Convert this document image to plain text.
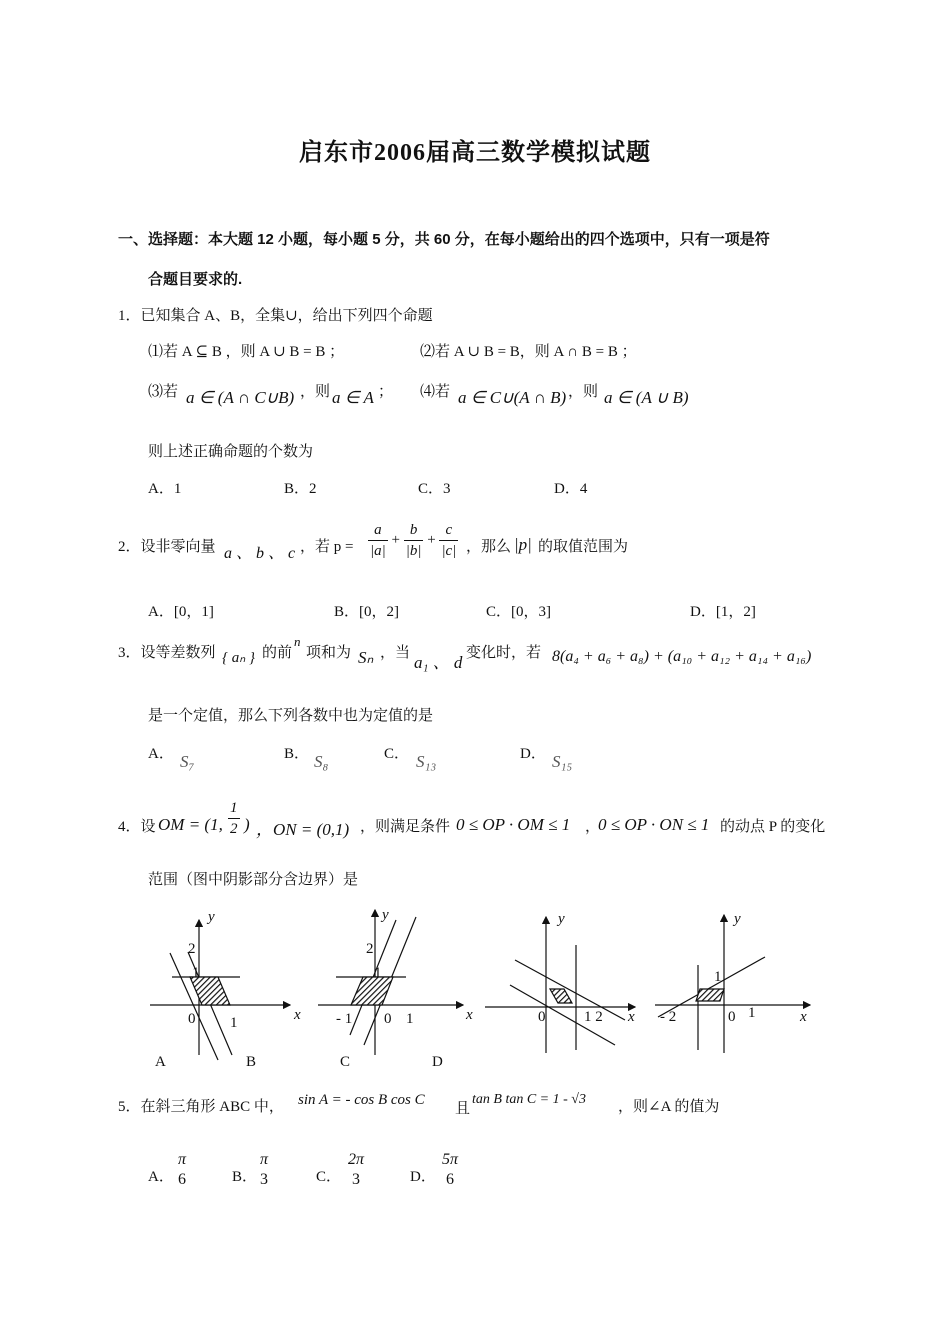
启东市2006届高三数学模拟试题
一、选择题：本大题 12 小题，每小题 5 分，共 60 分，在每小题给出的四个选项中，只有一项是符
合题目要求的.
1．已知集合 A、B，全集∪，给出下列四个命题
⑴若 A ⊆ B ，则 A ∪ B = B ；	⑵若 A ∪ B = B，则 A ∩ B = B ；
⑶若 a ∈ (A ∩ C∪B) ，则 a ∈ A ； ⑷若 a ∈ C∪(A ∩ B) ，则 a ∈ (A ∪ B)
则上述正确命题的个数为
A．1	B．2	C．3	D．4
2．设非零向量 a 、 b 、 c ，若 $p = \frac{a}{|a|} + \frac{b}{|b|} + \frac{c}{|c|}$ ，那么 |p| 的取值范围为
A．[0，1]	B．[0，2]	C．[0，3]	D．[1，2]
3．设等差数列 { aₙ } 的前
n
项和为 Sₙ ，当 a₁ 、 d 变化时，若 8(a₄ + a₆ + a₈) + (a₁₀ + a₁₂ + a₁₄ + a₁₆)
是一个定值，那么下列各数中也为定值的是
A． S₇	B． S₈	C． S₁₃	D． S₁₅
4．设 OM = (1, $\frac{1}{2}$ ) ，ON = (0,1) ，则满足条件 0 ≤ OP · OM ≤ 1 ，
0 ≤ OP · ON ≤ 1 的动点 P 的变化
范围（图中阴影部分含边界）是
y
x
2
1
0 1
y
x
2
1
- 1 0 1
y
x
0	1 2
y
x
- 2
1
0 1
A	B	C	D
5．在斜三角形 ABC 中， sin A = - cos B cos C
且
tan B tan C = 1 - √3 ，则∠A 的值为
A．
π
6	B．
π
3	C．
2π
3	D．
5π
6
